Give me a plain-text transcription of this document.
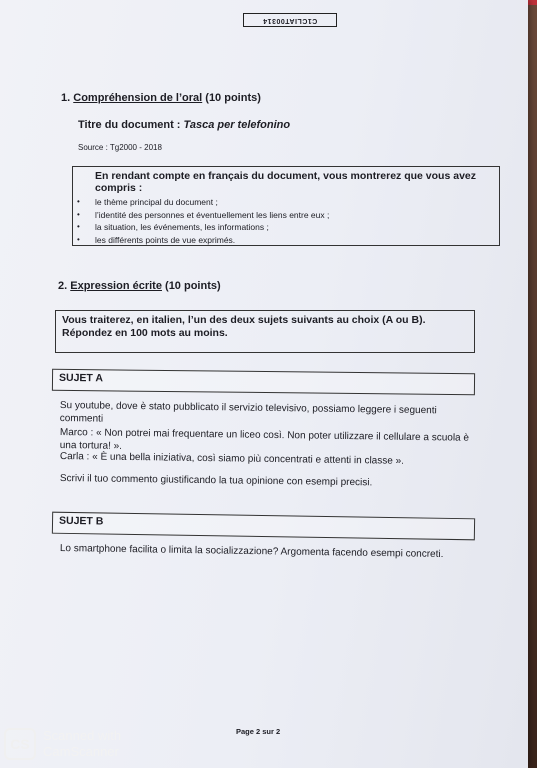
C1CLIAT00314
1. Compréhension de l’oral (10 points)
Titre du document : Tasca per telefonino
Source : Tg2000 - 2018

En rendant compte en français du document, vous montrerez que vous avez compris :

• le thème principal du document ;
• l’identité des personnes et éventuellement les liens entre eux ;
• la situation, les événements, les informations ;
• les différents points de vue exprimés.
2. Expression écrite (10 points)
Vous traiterez, en italien, l’un des deux sujets suivants au choix (A ou B). Répondez en 100 mots au moins.
SUJET A
Su youtube, dove è stato pubblicato il servizio televisivo, possiamo leggere i seguenti commenti
Marco : « Non potrei mai frequentare un liceo così. Non poter utilizzare il cellulare a scuola è una tortura! ».
Carla : « È una bella iniziativa, così siamo più concentrati e attenti in classe ».
Scrivi il tuo commento giustificando la tua opinione con esempi precisi.
SUJET B
Lo smartphone facilita o limita la socializzazione? Argomenta facendo esempi concreti.
Page 2 sur 2
CS
Scanned with
CamScanner
